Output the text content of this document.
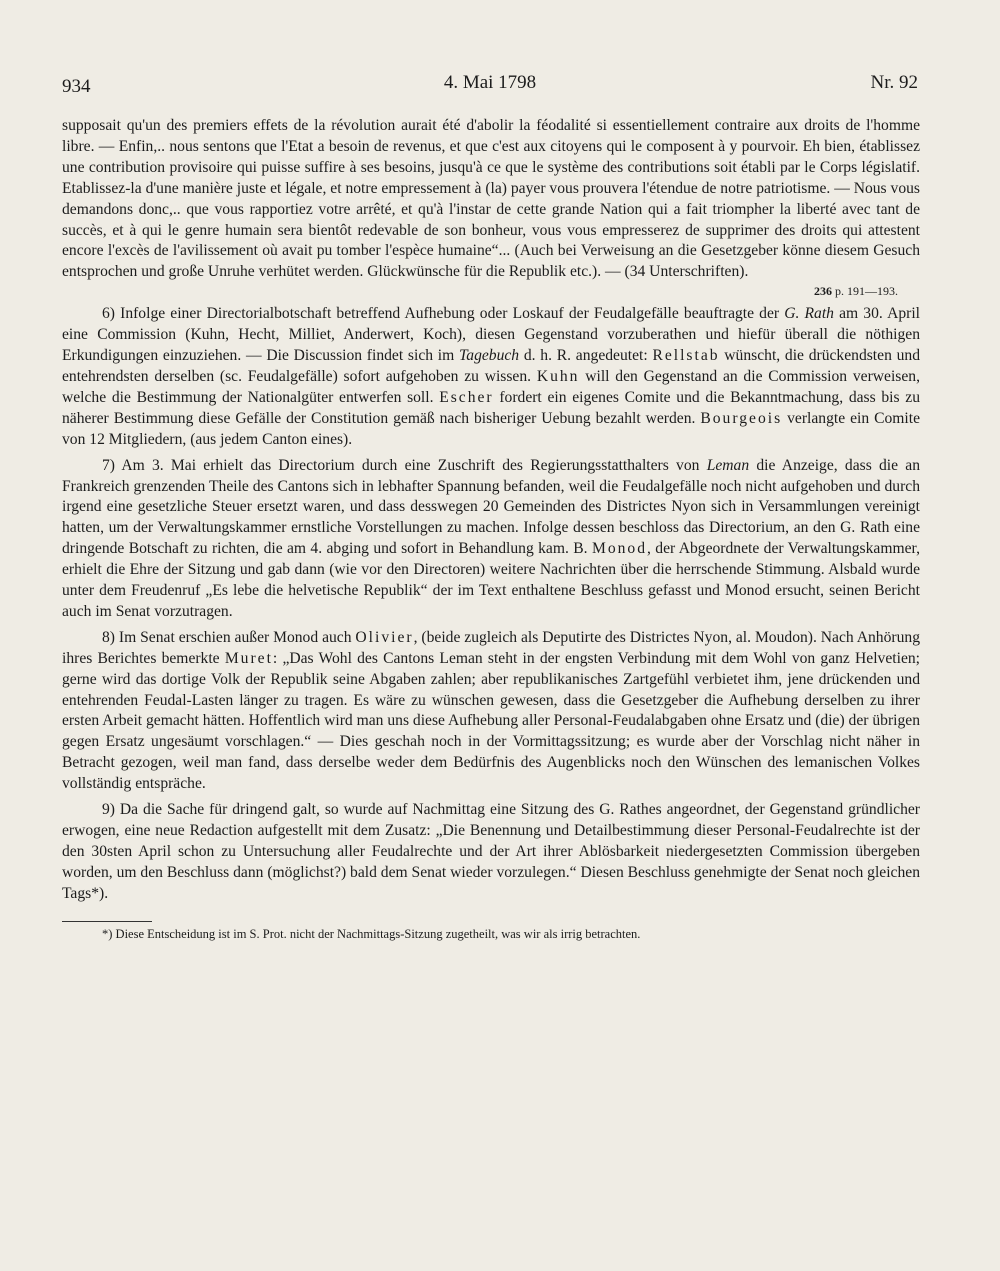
934	4. Mai 1798	Nr. 92

supposait qu'un des premiers effets de la révolution aurait été d'abolir la féodalité si essentiellement contraire aux droits de l'homme libre. — Enfin,.. nous sentons que l'Etat a besoin de revenus, et que c'est aux citoyens qui le composent à y pourvoir. Eh bien, établissez une contribution provisoire qui puisse suffire à ses besoins, jusqu'à ce que le système des contributions soit établi par le Corps législatif. Etablissez-la d'une manière juste et légale, et notre empressement à (la) payer vous prouvera l'étendue de notre patriotisme. — Nous vous demandons donc,.. que vous rapportiez votre arrêté, et qu'à l'instar de cette grande Nation qui a fait triompher la liberté avec tant de succès, et à qui le genre humain sera bientôt redevable de son bonheur, vous vous empresserez de supprimer des droits qui attestent encore l'excès de l'avilissement où avait pu tomber l'espèce humaine“... (Auch bei Verweisung an die Gesetzgeber könne diesem Gesuch entsprochen und große Unruhe verhütet werden. Glückwünsche für die Republik etc.). — (34 Unterschriften).

236 p. 191—193.

6) Infolge einer Directorialbotschaft betreffend Aufhebung oder Loskauf der Feudalgefälle beauftragte der G. Rath am 30. April eine Commission (Kuhn, Hecht, Milliet, Anderwert, Koch), diesen Gegenstand vorzuberathen und hiefür überall die nöthigen Erkundigungen einzuziehen. — Die Discussion findet sich im Tagebuch d. h. R. angedeutet: Rellstab wünscht, die drückendsten und entehrendsten derselben (sc. Feudalgefälle) sofort aufgehoben zu wissen. Kuhn will den Gegenstand an die Commission verweisen, welche die Bestimmung der Nationalgüter entwerfen soll. Escher fordert ein eigenes Comite und die Bekanntmachung, dass bis zu näherer Bestimmung diese Gefälle der Constitution gemäß nach bisheriger Uebung bezahlt werden. Bourgeois verlangte ein Comite von 12 Mitgliedern, (aus jedem Canton eines).

7) Am 3. Mai erhielt das Directorium durch eine Zuschrift des Regierungsstatthalters von Leman die Anzeige, dass die an Frankreich grenzenden Theile des Cantons sich in lebhafter Spannung befanden, weil die Feudalgefälle noch nicht aufgehoben und durch irgend eine gesetzliche Steuer ersetzt waren, und dass desswegen 20 Gemeinden des Districtes Nyon sich in Versammlungen vereinigt hatten, um der Verwaltungskammer ernstliche Vorstellungen zu machen. Infolge dessen beschloss das Directorium, an den G. Rath eine dringende Botschaft zu richten, die am 4. abging und sofort in Behandlung kam. B. Monod, der Abgeordnete der Verwaltungskammer, erhielt die Ehre der Sitzung und gab dann (wie vor den Directoren) weitere Nachrichten über die herrschende Stimmung. Alsbald wurde unter dem Freudenruf „Es lebe die helvetische Republik“ der im Text enthaltene Beschluss gefasst und Monod ersucht, seinen Bericht auch im Senat vorzutragen.

8) Im Senat erschien außer Monod auch Olivier, (beide zugleich als Deputirte des Districtes Nyon, al. Moudon). Nach Anhörung ihres Berichtes bemerkte Muret: „Das Wohl des Cantons Leman steht in der engsten Verbindung mit dem Wohl von ganz Helvetien; gerne wird das dortige Volk der Republik seine Abgaben zahlen; aber republikanisches Zartgefühl verbietet ihm, jene drückenden und entehrenden Feudal-Lasten länger zu tragen. Es wäre zu wünschen gewesen, dass die Gesetzgeber die Aufhebung derselben zu ihrer ersten Arbeit gemacht hätten. Hoffentlich wird man uns diese Aufhebung aller Personal-Feudalabgaben ohne Ersatz und (die) der übrigen gegen Ersatz ungesäumt vorschlagen.“ — Dies geschah noch in der Vormittagssitzung; es wurde aber der Vorschlag nicht näher in Betracht gezogen, weil man fand, dass derselbe weder dem Bedürfnis des Augenblicks noch den Wünschen des lemanischen Volkes vollständig entspräche.

9) Da die Sache für dringend galt, so wurde auf Nachmittag eine Sitzung des G. Rathes angeordnet, der Gegenstand gründlicher erwogen, eine neue Redaction aufgestellt mit dem Zusatz: „Die Benennung und Detailbestimmung dieser Personal-Feudalrechte ist der den 30sten April schon zu Untersuchung aller Feudalrechte und der Art ihrer Ablösbarkeit niedergesetzten Commission übergeben worden, um den Beschluss dann (möglichst?) bald dem Senat wieder vorzulegen.“ Diesen Beschluss genehmigte der Senat noch gleichen Tags*).

*) Diese Entscheidung ist im S. Prot. nicht der Nachmittags-Sitzung zugetheilt, was wir als irrig betrachten.
